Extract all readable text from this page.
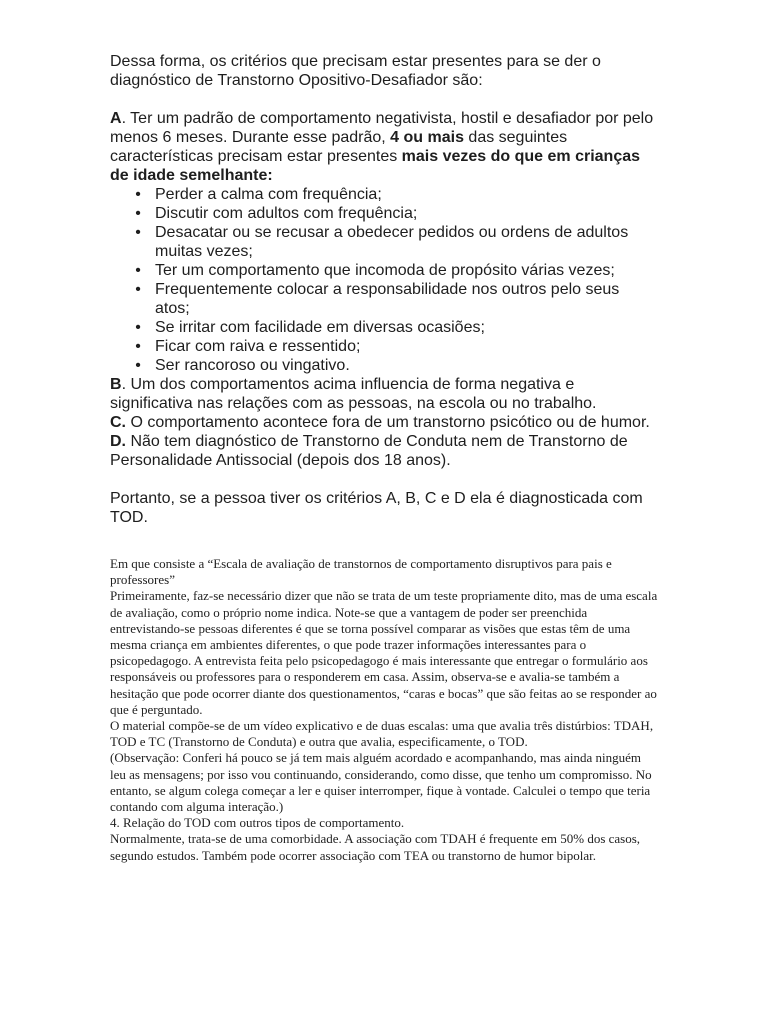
Dessa forma, os critérios que precisam estar presentes para se der o diagnóstico de Transtorno Opositivo-Desafiador são:

A. Ter um padrão de comportamento negativista, hostil e desafiador por pelo menos 6 meses. Durante esse padrão, 4 ou mais das seguintes características precisam estar presentes mais vezes do que em crianças de idade semelhante:

• Perder a calma com frequência;
• Discutir com adultos com frequência;
• Desacatar ou se recusar a obedecer pedidos ou ordens de adultos muitas vezes;
• Ter um comportamento que incomoda de propósito várias vezes;
• Frequentemente colocar a responsabilidade nos outros pelo seus atos;
• Se irritar com facilidade em diversas ocasiões;
• Ficar com raiva e ressentido;
• Ser rancoroso ou vingativo.

B. Um dos comportamentos acima influencia de forma negativa e significativa nas relações com as pessoas, na escola ou no trabalho.

C. O comportamento acontece fora de um transtorno psicótico ou de humor.

D. Não tem diagnóstico de Transtorno de Conduta nem de Transtorno de Personalidade Antissocial (depois dos 18 anos).

Portanto, se a pessoa tiver os critérios A, B, C e D ela é diagnosticada com TOD.

Em que consiste a “Escala de avaliação de transtornos de comportamento disruptivos para pais e professores”

Primeiramente, faz-se necessário dizer que não se trata de um teste propriamente dito, mas de uma escala de avaliação, como o próprio nome indica. Note-se que a vantagem de poder ser preenchida entrevistando-se pessoas diferentes é que se torna possível comparar as visões que estas têm de uma mesma criança em ambientes diferentes, o que pode trazer informações interessantes para o psicopedagogo. A entrevista feita pelo psicopedagogo é mais interessante que entregar o formulário aos responsáveis ou professores para o responderem em casa. Assim, observa-se e avalia-se também a hesitação que pode ocorrer diante dos questionamentos, “caras e bocas” que são feitas ao se responder ao que é perguntado.

O material compõe-se de um vídeo explicativo e de duas escalas: uma que avalia três distúrbios: TDAH, TOD e TC (Transtorno de Conduta) e outra que avalia, especificamente, o TOD.

(Observação: Conferi há pouco se já tem mais alguém acordado e acompanhando, mas ainda ninguém leu as mensagens; por isso vou continuando, considerando, como disse, que tenho um compromisso. No entanto, se algum colega começar a ler e quiser interromper, fique à vontade. Calculei o tempo que teria contando com alguma interação.)

4. Relação do TOD com outros tipos de comportamento.

Normalmente, trata-se de uma comorbidade. A associação com TDAH é frequente em 50% dos casos, segundo estudos. Também pode ocorrer associação com TEA ou transtorno de humor bipolar.
